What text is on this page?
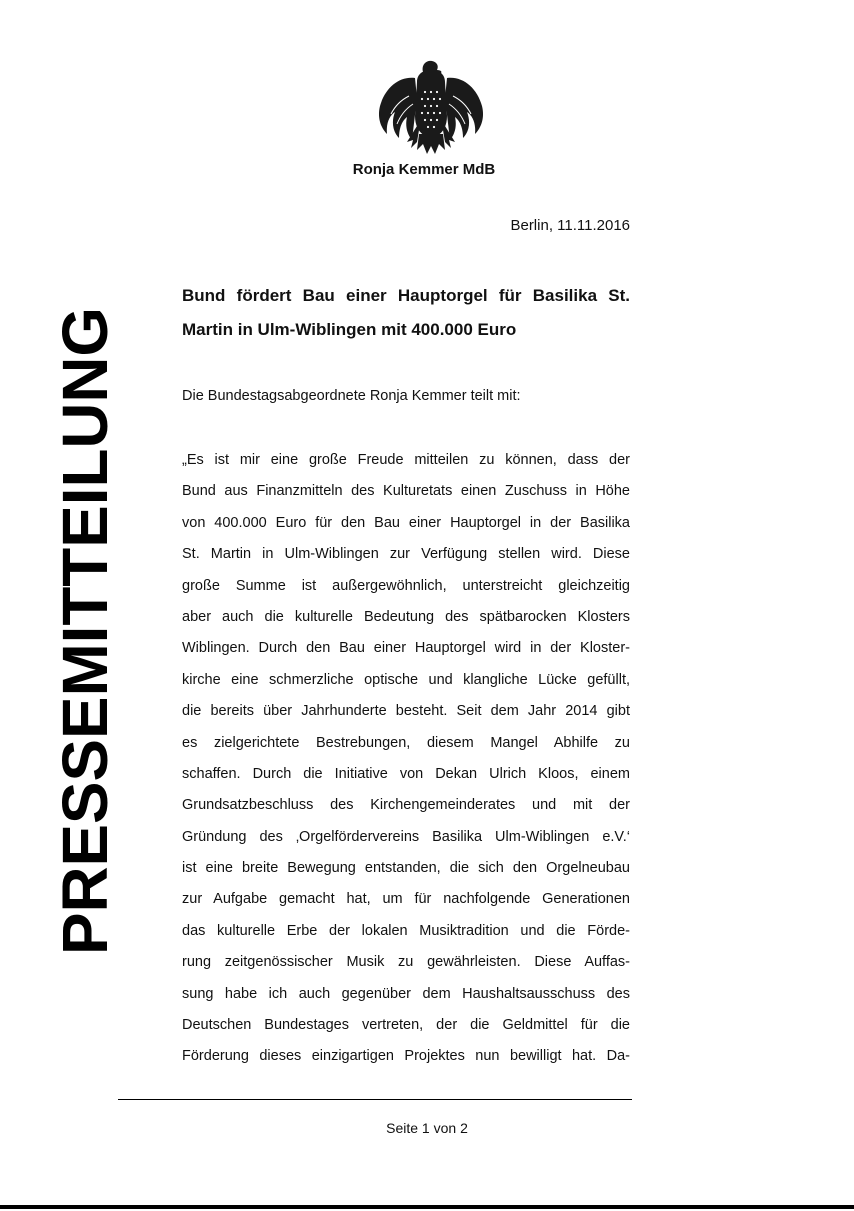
Ronja Kemmer MdB
Berlin, 11.11.2016
PRESSEMITTEILUNG
Bund fördert Bau einer Hauptorgel für Basilika St. Martin in Ulm-Wiblingen mit 400.000 Euro
Die Bundestagsabgeordnete Ronja Kemmer teilt mit:
„Es ist mir eine große Freude mitteilen zu können, dass der
Bund aus Finanzmitteln des Kulturetats einen Zuschuss in Höhe
von 400.000 Euro für den Bau einer Hauptorgel in der Basilika
St. Martin in Ulm-Wiblingen zur Verfügung stellen wird. Diese
große Summe ist außergewöhnlich, unterstreicht gleichzeitig
aber auch die kulturelle Bedeutung des spätbarocken Klosters
Wiblingen. Durch den Bau einer Hauptorgel wird in der Kloster-
kirche eine schmerzliche optische und klangliche Lücke gefüllt,
die bereits über Jahrhunderte besteht. Seit dem Jahr 2014 gibt
es zielgerichtete Bestrebungen, diesem Mangel Abhilfe zu
schaffen. Durch die Initiative von Dekan Ulrich Kloos, einem
Grundsatzbeschluss des Kirchengemeinderates und mit der
Gründung des ‚Orgelfördervereins Basilika Ulm-Wiblingen e.V.‘
ist eine breite Bewegung entstanden, die sich den Orgelneubau
zur Aufgabe gemacht hat, um für nachfolgende Generationen
das kulturelle Erbe der lokalen Musiktradition und die Förde-
rung zeitgenössischer Musik zu gewährleisten. Diese Auffas-
sung habe ich auch gegenüber dem Haushaltsausschuss des
Deutschen Bundestages vertreten, der die Geldmittel für die
Förderung dieses einzigartigen Projektes nun bewilligt hat. Da-
Seite 1 von 2
